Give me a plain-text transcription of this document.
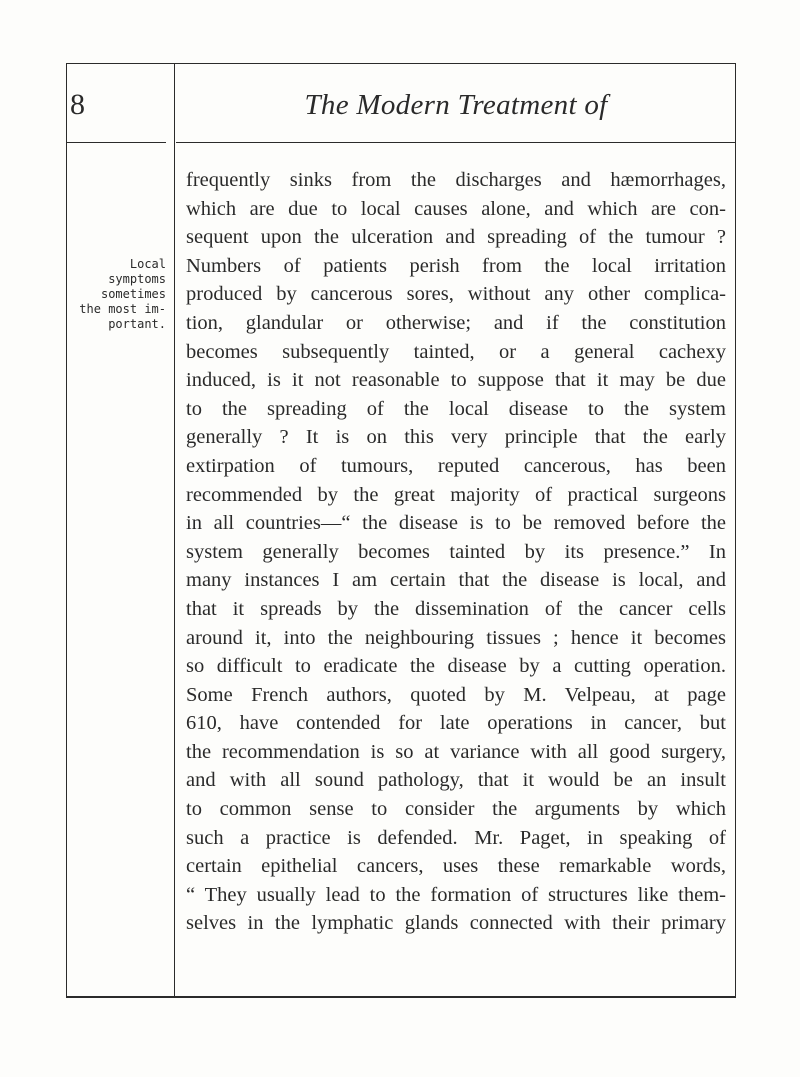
8	The Modern Treatment of

Local
symptoms
sometimes
the most im-
portant.

frequently sinks from the discharges and hæmorrhages,
which are due to local causes alone, and which are con-
sequent upon the ulceration and spreading of the tumour ?
Numbers of patients perish from the local irritation
produced by cancerous sores, without any other complica-
tion, glandular or otherwise; and if the constitution
becomes subsequently tainted, or a general cachexy
induced, is it not reasonable to suppose that it may be due
to the spreading of the local disease to the system
generally ? It is on this very principle that the early
extirpation of tumours, reputed cancerous, has been
recommended by the great majority of practical surgeons
in all countries—“ the disease is to be removed before the
system generally becomes tainted by its presence.” In
many instances I am certain that the disease is local, and
that it spreads by the dissemination of the cancer cells
around it, into the neighbouring tissues ; hence it becomes
so difficult to eradicate the disease by a cutting operation.
Some French authors, quoted by M. Velpeau, at page
610, have contended for late operations in cancer, but
the recommendation is so at variance with all good surgery,
and with all sound pathology, that it would be an insult
to common sense to consider the arguments by which
such a practice is defended. Mr. Paget, in speaking of
certain epithelial cancers, uses these remarkable words,
“ They usually lead to the formation of structures like them-
selves in the lymphatic glands connected with their primary
